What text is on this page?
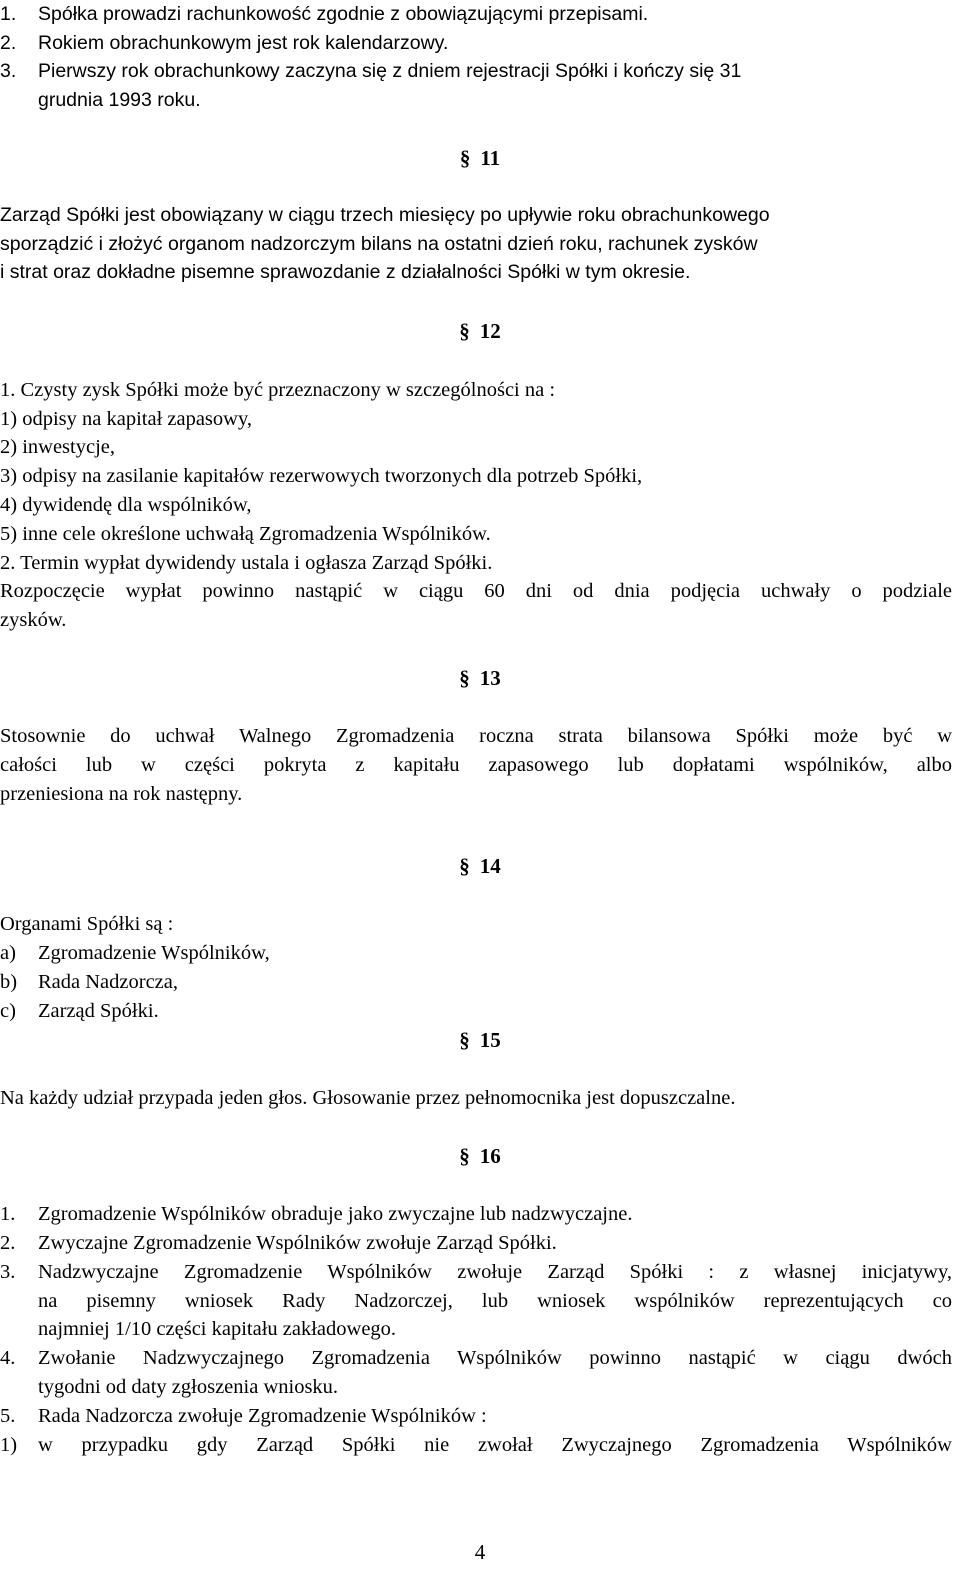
1. Spółka prowadzi rachunkowość zgodnie z obowiązującymi przepisami.
2. Rokiem obrachunkowym jest rok kalendarzowy.
3. Pierwszy rok obrachunkowy zaczyna się z dniem rejestracji Spółki i kończy się 31
grudnia 1993 roku.
§ 11
Zarząd Spółki jest obowiązany w ciągu trzech miesięcy po upływie roku obrachunkowego
sporządzić i złożyć organom nadzorczym bilans na ostatni dzień roku, rachunek zysków
i strat oraz dokładne pisemne sprawozdanie z działalności Spółki w tym okresie.
§ 12
1. Czysty zysk Spółki może być przeznaczony w szczególności na :
1) odpisy na kapitał zapasowy,
2) inwestycje,
3) odpisy na zasilanie kapitałów rezerwowych tworzonych dla potrzeb Spółki,
4) dywidendę dla wspólników,
5) inne cele określone uchwałą Zgromadzenia Wspólników.
2. Termin wypłat dywidendy ustala i ogłasza Zarząd Spółki.
Rozpoczęcie wypłat powinno nastąpić w ciągu 60 dni od dnia podjęcia uchwały o podziale
zysków.
§ 13
Stosownie do uchwał Walnego Zgromadzenia roczna strata bilansowa Spółki może być w
całości lub w części pokryta z kapitału zapasowego lub dopłatami wspólników, albo
przeniesiona na rok następny.
§ 14
Organami Spółki są :
a) Zgromadzenie Wspólników,
b) Rada Nadzorcza,
c) Zarząd Spółki.
§ 15
Na każdy udział przypada jeden głos. Głosowanie przez pełnomocnika jest dopuszczalne.
§ 16
1. Zgromadzenie Wspólników obraduje jako zwyczajne lub nadzwyczajne.
2. Zwyczajne Zgromadzenie Wspólników zwołuje Zarząd Spółki.
3. Nadzwyczajne Zgromadzenie Wspólników zwołuje Zarząd Spółki : z własnej inicjatywy,
na pisemny wniosek Rady Nadzorczej, lub wniosek wspólników reprezentujących co
najmniej 1/10 części kapitału zakładowego.
4. Zwołanie Nadzwyczajnego Zgromadzenia Wspólników powinno nastąpić w ciągu dwóch
tygodni od daty zgłoszenia wniosku.
5. Rada Nadzorcza zwołuje Zgromadzenie Wspólników :
1) w przypadku gdy Zarząd Spółki nie zwołał Zwyczajnego Zgromadzenia Wspólników
4
